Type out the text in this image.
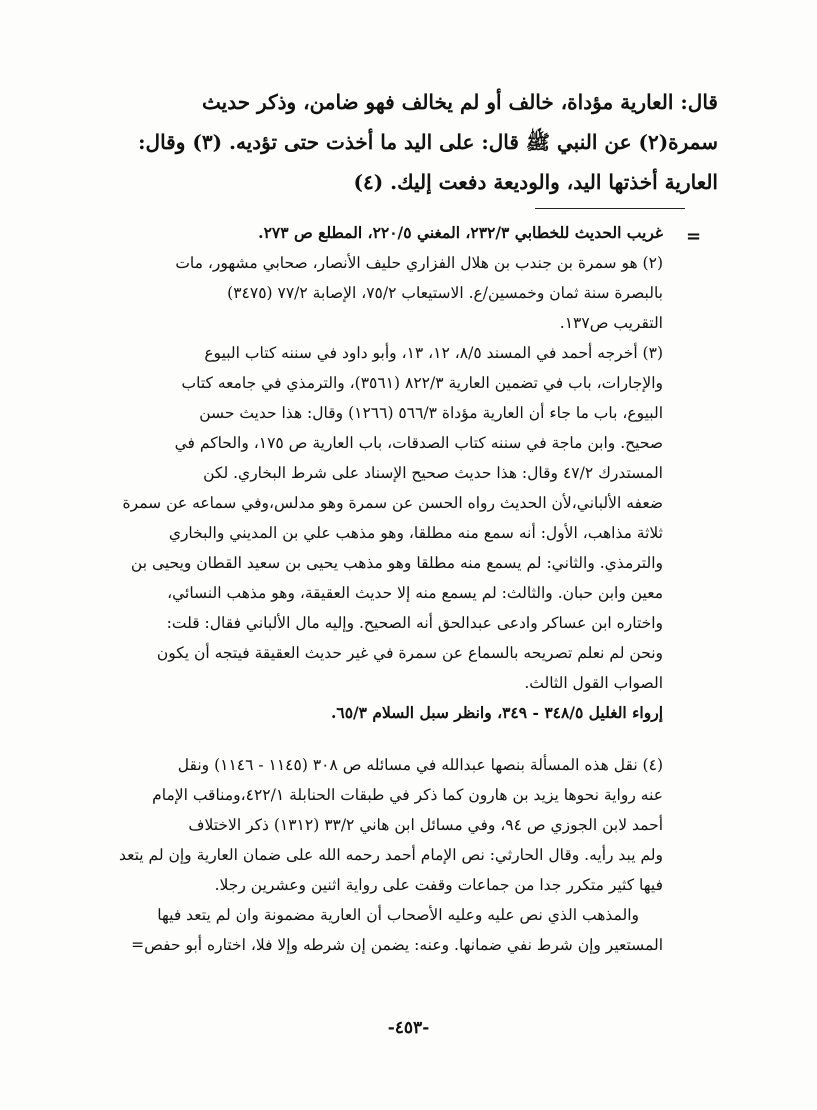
قال: العارية مؤداة، خالف أو لم يخالف فهو ضامن، وذكر حديث

سمرة(٢) عن النبي ﷺ قال: على اليد ما أخذت حتى تؤديه. (٣) وقال:

العارية أخذتها اليد، والوديعة دفعت إليك. (٤)

=

غريب الحديث للخطابي ٢٣٢/٣، المغني ٢٢٠/٥، المطلع ص ٢٧٣.

(٢) هو سمرة بن جندب بن هلال الفزاري حليف الأنصار، صحابي مشهور، مات

بالبصرة سنة ثمان وخمسين/ع. الاستيعاب ٧٥/٢، الإصابة ٧٧/٢ (٣٤٧٥)

التقريب ص١٣٧.

(٣) أخرجه أحمد في المسند ٨/٥، ١٢، ١٣، وأبو داود في سننه كتاب البيوع

والإجارات، باب في تضمين العارية ٨٢٢/٣ (٣٥٦١)، والترمذي في جامعه كتاب

البيوع، باب ما جاء أن العارية مؤداة ٥٦٦/٣ (١٢٦٦) وقال: هذا حديث حسن

صحيح. وابن ماجة في سننه كتاب الصدقات، باب العارية ص ١٧٥، والحاكم في

المستدرك ٤٧/٢ وقال: هذا حديث صحيح الإسناد على شرط البخاري. لكن

ضعفه الألباني،لأن الحديث رواه الحسن عن سمرة وهو مدلس،وفي سماعه عن سمرة

ثلاثة مذاهب، الأول: أنه سمع منه مطلقا، وهو مذهب علي بن المديني والبخاري

والترمذي. والثاني: لم يسمع منه مطلقا وهو مذهب يحيى بن سعيد القطان ويحيى بن

معين وابن حبان. والثالث: لم يسمع منه إلا حديث العقيقة، وهو مذهب النسائي،

واختاره ابن عساكر وادعى عبدالحق أنه الصحيح. وإليه مال الألباني فقال: قلت:

ونحن لم نعلم تصريحه بالسماع عن سمرة في غير حديث العقيقة فيتجه أن يكون

الصواب القول الثالث.

إرواء الغليل ٣٤٨/٥ - ٣٤٩، وانظر سبل السلام ٦٥/٣.

(٤) نقل هذه المسألة بنصها عبدالله في مسائله ص ٣٠٨ (١١٤٥ - ١١٤٦) ونقل

عنه رواية نحوها يزيد بن هارون كما ذكر في طبقات الحنابلة ٤٢٢/١،ومناقب الإمام

أحمد لابن الجوزي ص ٩٤، وفي مسائل ابن هاني ٣٣/٢ (١٣١٢) ذكر الاختلاف

ولم يبد رأيه. وقال الحارثي: نص الإمام أحمد رحمه الله على ضمان العارية وإن لم يتعد

فيها كثير متكرر جدا من جماعات وقفت على رواية اثنين وعشرين رجلا.

والمذهب الذي نص عليه وعليه الأصحاب أن العارية مضمونة وان لم يتعد فيها

المستعير وإن شرط نفي ضمانها. وعنه: يضمن إن شرطه وإلا فلا، اختاره أبو حفص=

-٤٥٣-
